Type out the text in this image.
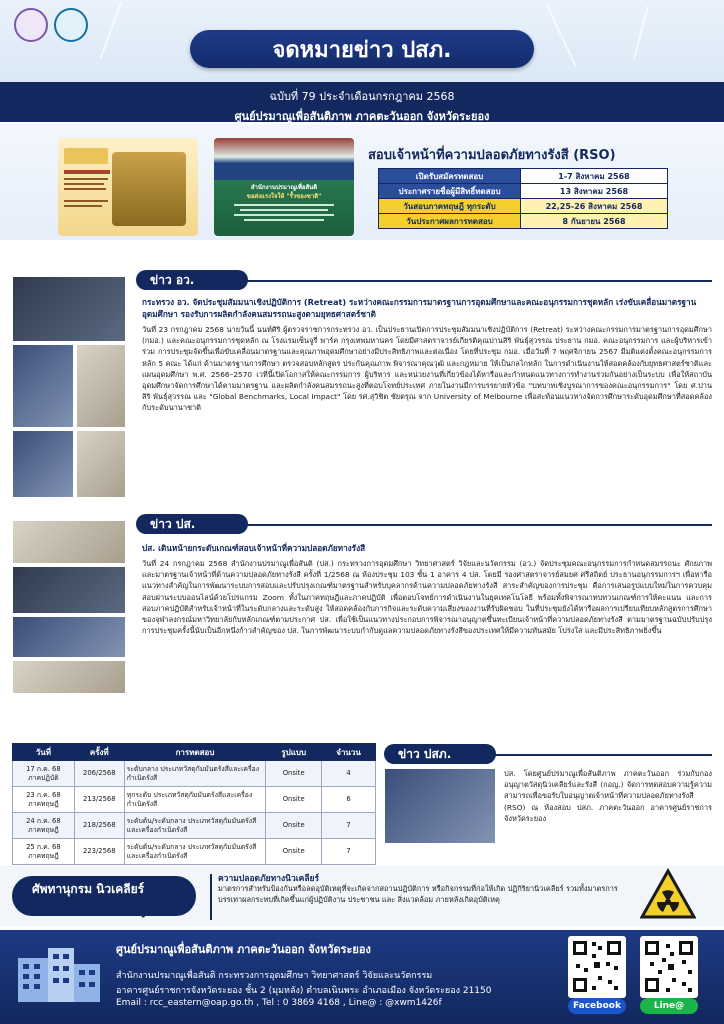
จดหมายข่าว ปสภ.
ฉบับที่ 79 ประจำเดือนกรกฎาคม 2568
ศูนย์ปรมาณูเพื่อสันติภาพ ภาคตะวันออก จังหวัดระยอง
สำนักงานปรมาณูเพื่อสันติ
ขอส่งแรงใจให้ "รั้วของชาติ"
สอบเจ้าหน้าที่ความปลอดภัยทางรังสี (RSO)
เปิดรับสมัครทดสอบ	1-7 สิงหาคม 2568
ประกาศรายชื่อผู้มีสิทธิ์ทดสอบ	13 สิงหาคม 2568
วันสอบภาคทฤษฎี ทุกระดับ	22,25-26 สิงหาคม 2568
วันประกาศผลการทดสอบ	8 กันยายน 2568
ข่าว อว.
กระทรวง อว. จัดประชุมสัมมนาเชิงปฏิบัติการ (Retreat) ระหว่างคณะกรรมการมาตรฐานการอุดมศึกษาและคณะอนุกรรมการชุดหลัก เร่งขับเคลื่อนมาตรฐานอุดมศึกษา รองรับการผลิตกำลังคนสมรรถนะสูงตามยุทธศาสตร์ชาติ
วันที่ 23 กรกฎาคม 2568 นายวันนี้ นนท์ศิริ ผู้ตรวจราชการกระทรวง อว. เป็นประธานเปิดการประชุมสัมมนาเชิงปฏิบัติการ (Retreat) ระหว่างคณะกรรมการมาตรฐานการอุดมศึกษา (กมอ.) และคณะอนุกรรมการชุดหลัก ณ โรงแรมเซ็นจูรี่ พาร์ค กรุงเทพมหานคร โดยมีศาสตราจารย์เกียรติคุณปานสิริ พันธุ์สุวรรณ ประธาน กมอ. คณะอนุกรรมการ และผู้บริหารเข้าร่วม การประชุมจัดขึ้นเพื่อขับเคลื่อนมาตรฐานและคุณภาพอุดมศึกษาอย่างมีประสิทธิภาพและต่อเนื่อง โดยที่ประชุม กมอ. เมื่อวันที่ 7 พฤศจิกายน 2567 มีมติแต่งตั้งคณะอนุกรรมการหลัก 5 คณะ ได้แก่ ด้านมาตรฐานการศึกษา ตรวจสอบหลักสูตร ประกันคุณภาพ พิจารณาคุณวุฒิ และกฎหมาย ให้เป็นกลไกหลัก ในการดำเนินงานให้สอดคล้องกับยุทธศาสตร์ชาติและแผนอุดมศึกษา พ.ศ. 2566–2570 เวทีนี้เปิดโอกาสให้คณะกรรมการ ผู้บริหาร และหน่วยงานที่เกี่ยวข้องได้หารือและกำหนดแนวทางการทำงานร่วมกันอย่างเป็นระบบ เพื่อให้สถาบันอุดมศึกษาจัดการศึกษาได้ตามมาตรฐาน และผลิตกำลังคนสมรรถนะสูงที่ตอบโจทย์ประเทศ ภายในงานมีการบรรยายหัวข้อ "บทบาทเชิงบูรณาการของคณะอนุกรรมการ" โดย ศ.ปานสิริ พันธุ์สุวรรณ และ "Global Benchmarks, Local Impact" โดย รศ.สุวิชิต ชัยตรุณ จาก University of Melbourne เพื่อสะท้อนแนวทางจัดการศึกษาระดับอุดมศึกษาที่สอดคล้องกับระดับนานาชาติ
ข่าว ปส.
ปส. เดินหน้ายกระดับเกณฑ์สอบเจ้าหน้าที่ความปลอดภัยทางรังสี
วันที่ 24 กรกฎาคม 2568 สำนักงานปรมาณูเพื่อสันติ (ปส.) กระทรวงการอุดมศึกษา วิทยาศาสตร์ วิจัยและนวัตกรรม (อว.) จัดประชุมคณะอนุกรรมการกำหนดสมรรถนะ ศักยภาพ และมาตรฐานเจ้าหน้าที่ด้านความปลอดภัยทางรังสี ครั้งที่ 1/2568 ณ ห้องประชุม 103 ชั้น 1 อาคาร 4 ปส. โดยมี รองศาสตราจารย์สมยศ ศรีสถิตย์ ประธานอนุกรรมการฯ เพื่อหารือแนวทางสำคัญในการพัฒนาระบบการสอบและปรับปรุงเกณฑ์มาตรฐานสำหรับบุคลากรด้านความปลอดภัยทางรังสี สาระสำคัญของการประชุม คือการเสนอรูปแบบใหม่ในการควบคุมสอบผ่านระบบออนไลน์ด้วยโปรแกรม Zoom ทั้งในภาคทฤษฎีและภาคปฏิบัติ เพื่อตอบโจทย์การดำเนินงานในยุคเทคโนโลยี พร้อมทั้งพิจารณาทบทวนเกณฑ์การให้คะแนน และการสอบภาคปฏิบัติสำหรับเจ้าหน้าที่ในระดับกลางและระดับสูง ให้สอดคล้องกับการกิจและระดับความเสี่ยงของงานที่รับผิดชอบ ในที่ประชุมยังได้หารือผลการเปรียบเทียบหลักสูตรการศึกษาของจุฬาลงกรณ์มหาวิทยาลัยกับหลักเกณฑ์ตามประกาศ ปส. เพื่อใช้เป็นแนวทางประกอบการพิจารณาอนุญาตขึ้นทะเบียนเจ้าหน้าที่ความปลอดภัยทางรังสี ตามมาตรฐานฉบับปรับปรุง การประชุมครั้งนี้นับเป็นอีกหนึ่งก้าวสำคัญของ ปส. ในการพัฒนาระบบกำกับดูแลความปลอดภัยทางรังสีของประเทศให้มีความทันสมัย โปร่งใส และมีประสิทธิภาพยิ่งขึ้น
วันที่	ครั้งที่	การทดสอบ	รูปแบบ	จำนวน
17 ก.ค. 68
ภาคปฏิบัติ	206/2568	ระดับกลาง ประเภทวัสดุกัมมันตรังสีและเครื่องกำเนิดรังสี	Onsite	4
23 ก.ค. 68
ภาคทฤษฎี	213/2568	ทุกระดับ ประเภทวัสดุกัมมันตรังสีและเครื่องกำเนิดรังสี	Onsite	6
24 ก.ค. 68
ภาคทฤษฎี	218/2568	ระดับต้น/ระดับกลาง ประเภทวัสดุกัมมันตรังสีและเครื่องกำเนิดรังสี	Onsite	7
25 ก.ค. 68
ภาคทฤษฎี	223/2568	ระดับต้น/ระดับกลาง ประเภทวัสดุกัมมันตรังสีและเครื่องกำเนิดรังสี	Onsite	7
ข่าว ปสภ.
ปส. โดยศูนย์ปรมาณูเพื่อสันติภาพ ภาคตะวันออก ร่วมกับกองอนุญาตวัสดุนิวเคลียร์และรังสี (กอญ.) จัดการทดสอบความรู้ความสามารถเพื่อขอรับใบอนุญาตเจ้าหน้าที่ความปลอดภัยทางรังสี (RSO) ณ ห้องสอบ ปสภ. ภาคตะวันออก อาคารศูนย์ราชการจังหวัดระยอง
ศัพทานุกรม นิวเคลียร์
Nuclear safety
ความปลอดภัยทางนิวเคลียร์
มาตรการสำหรับป้องกันหรือลดอุบัติเหตุที่จะเกิดจากสถานปฏิบัติการ หรือกิจกรรมที่ก่อให้เกิด ปฏิกิริยานิวเคลียร์ รวมทั้งมาตรการบรรเทาผลกระทบที่เกิดขึ้นแก่ผู้ปฏิบัติงาน ประชาชน และ สิ่งแวดล้อม ภายหลังเกิดอุบัติเหตุ
ศูนย์ปรมาณูเพื่อสันติภาพ ภาคตะวันออก จังหวัดระยอง
สำนักงานปรมาณูเพื่อสันติ กระทรวงการอุดมศึกษา วิทยาศาสตร์ วิจัยและนวัตกรรม
อาคารศูนย์ราชการจังหวัดระยอง ชั้น 2 (มุมหลัง) ตำบลเนินพระ อำเภอเมือง จังหวัดระยอง 21150
Email : rcc_eastern@oap.go.th , Tel : 0 3869 4168 , Line@ : @xwm1426f	Facebook	Line@
